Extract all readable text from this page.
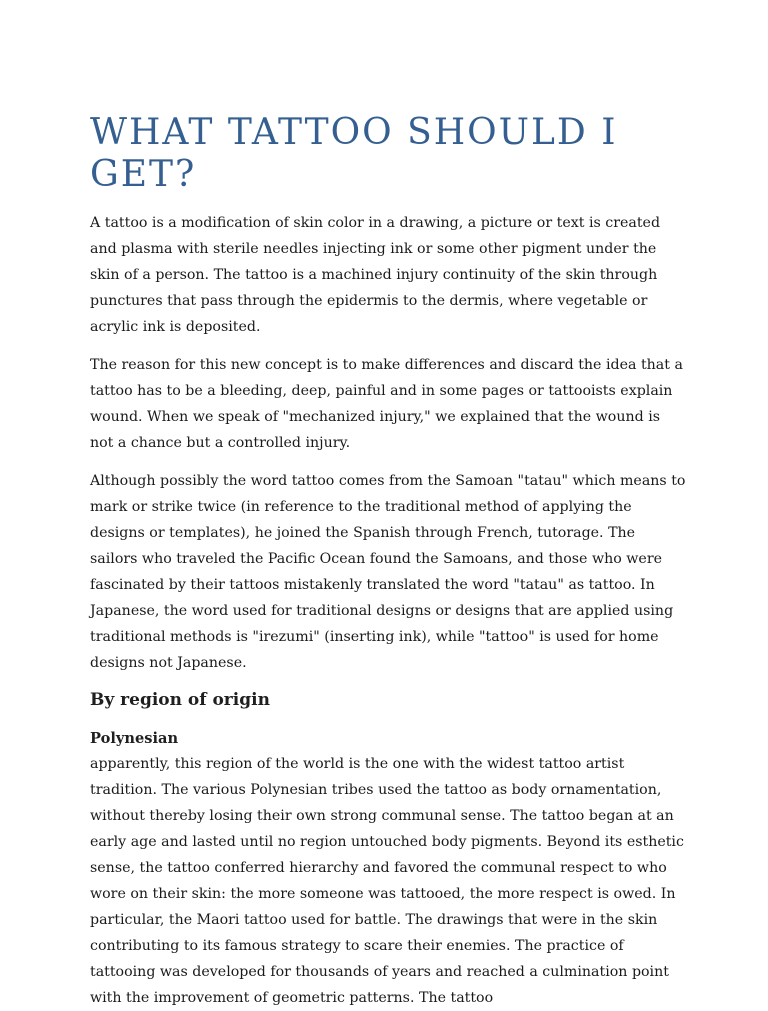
WHAT TATTOO SHOULD I GET?

A tattoo is a modification of skin color in a drawing, a picture or text is created and plasma with sterile needles injecting ink or some other pigment under the skin of a person. The tattoo is a machined injury continuity of the skin through punctures that pass through the epidermis to the dermis, where vegetable or acrylic ink is deposited.

The reason for this new concept is to make differences and discard the idea that a tattoo has to be a bleeding, deep, painful and in some pages or tattooists explain wound. When we speak of "mechanized injury," we explained that the wound is not a chance but a controlled injury.

Although possibly the word tattoo comes from the Samoan "tatau" which means to mark or strike twice (in reference to the traditional method of applying the designs or templates), he joined the Spanish through French, tutorage. The sailors who traveled the Pacific Ocean found the Samoans, and those who were fascinated by their tattoos mistakenly translated the word "tatau" as tattoo. In Japanese, the word used for traditional designs or designs that are applied using traditional methods is "irezumi" (inserting ink), while "tattoo" is used for home designs not Japanese.

By region of origin
Polynesian

apparently, this region of the world is the one with the widest tattoo artist tradition. The various Polynesian tribes used the tattoo as body ornamentation, without thereby losing their own strong communal sense. The tattoo began at an early age and lasted until no region untouched body pigments. Beyond its esthetic sense, the tattoo conferred hierarchy and favored the communal respect to who wore on their skin: the more someone was tattooed, the more respect is owed. In particular, the Maori tattoo used for battle. The drawings that were in the skin contributing to its famous strategy to scare their enemies. The practice of tattooing was developed for thousands of years and reached a culmination point with the improvement of geometric patterns. The tattoo
